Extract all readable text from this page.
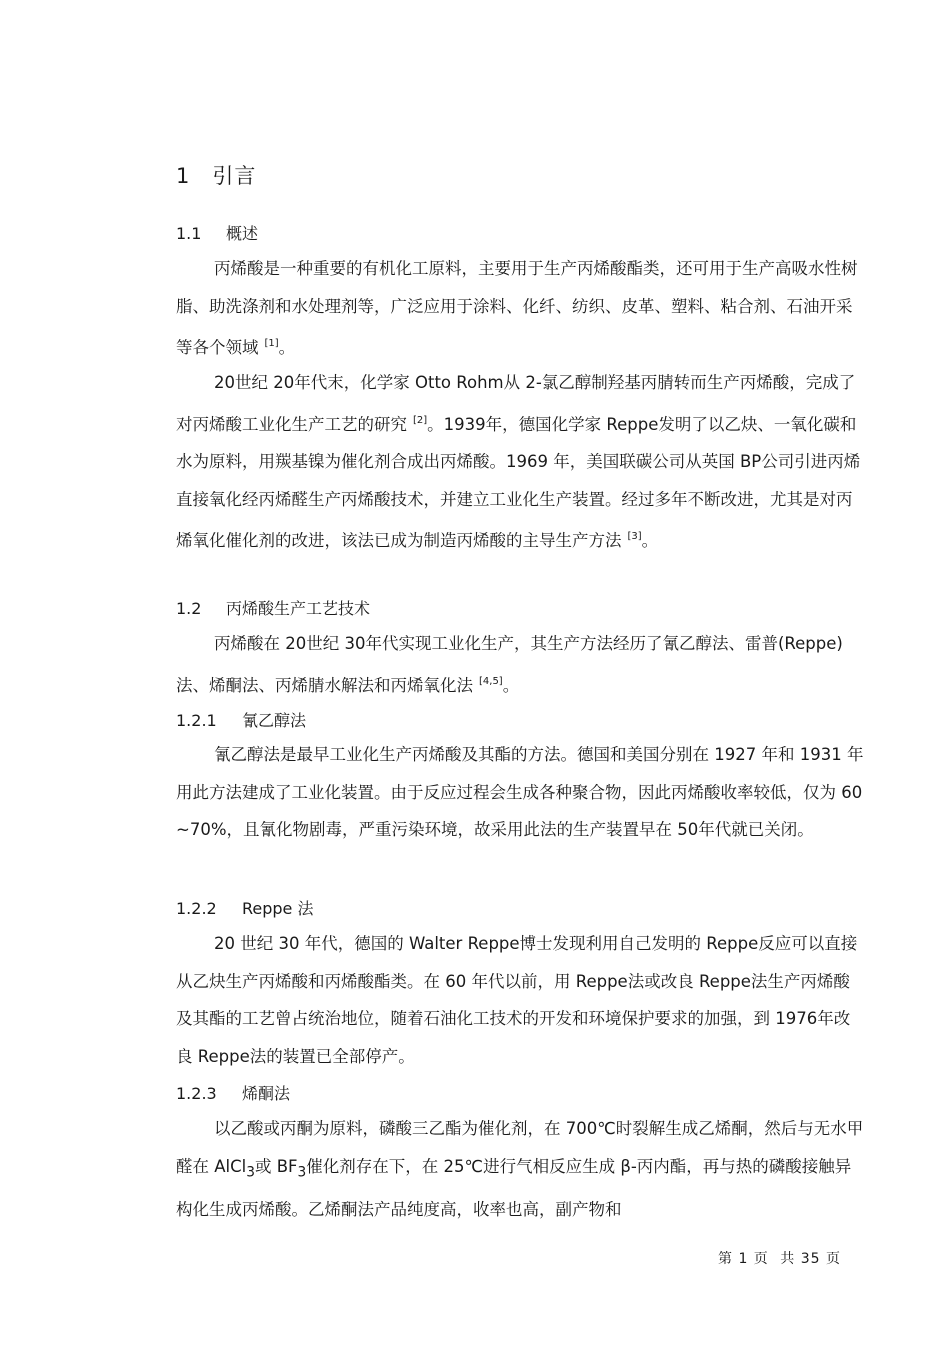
1 引言
1.1 概述

丙烯酸是一种重要的有机化工原料，主要用于生产丙烯酸酯类，还可用于生产高吸水性树脂、助洗涤剂和水处理剂等，广泛应用于涂料、化纤、纺织、皮革、塑料、粘合剂、石油开采等各个领域 [1]。

20世纪 20年代末，化学家 Otto Rohm从 2-氯乙醇制羟基丙腈转而生产丙烯酸，完成了对丙烯酸工业化生产工艺的研究 [2]。1939年，德国化学家 Reppe发明了以乙炔、一氧化碳和水为原料，用羰基镍为催化剂合成出丙烯酸。1969 年，美国联碳公司从英国 BP公司引进丙烯直接氧化经丙烯醛生产丙烯酸技术，并建立工业化生产装置。经过多年不断改进，尤其是对丙烯氧化催化剂的改进，该法已成为制造丙烯酸的主导生产方法 [3]。

1.2 丙烯酸生产工艺技术

丙烯酸在 20世纪 30年代实现工业化生产，其生产方法经历了氰乙醇法、雷普(Reppe)法、烯酮法、丙烯腈水解法和丙烯氧化法 [4,5]。

1.2.1 氰乙醇法

氰乙醇法是最早工业化生产丙烯酸及其酯的方法。德国和美国分别在 1927 年和 1931 年用此方法建成了工业化装置。由于反应过程会生成各种聚合物，因此丙烯酸收率较低，仅为 60~70%，且氰化物剧毒，严重污染环境，故采用此法的生产装置早在 50年代就已关闭。

1.2.2 Reppe 法

20 世纪 30 年代，德国的 Walter Reppe博士发现利用自己发明的 Reppe反应可以直接从乙炔生产丙烯酸和丙烯酸酯类。在 60 年代以前，用 Reppe法或改良 Reppe法生产丙烯酸及其酯的工艺曾占统治地位，随着石油化工技术的开发和环境保护要求的加强，到 1976年改良 Reppe法的装置已全部停产。

1.2.3 烯酮法

以乙酸或丙酮为原料，磷酸三乙酯为催化剂，在 700℃时裂解生成乙烯酮，然后与无水甲醛在 AlCl$_3$或 $BF_3$催化剂存在下，在 25℃进行气相反应生成 β-丙内酯，再与热的磷酸接触异构化生成丙烯酸。乙烯酮法产品纯度高，收率也高，副产物和

第 1 页 共 35 页
